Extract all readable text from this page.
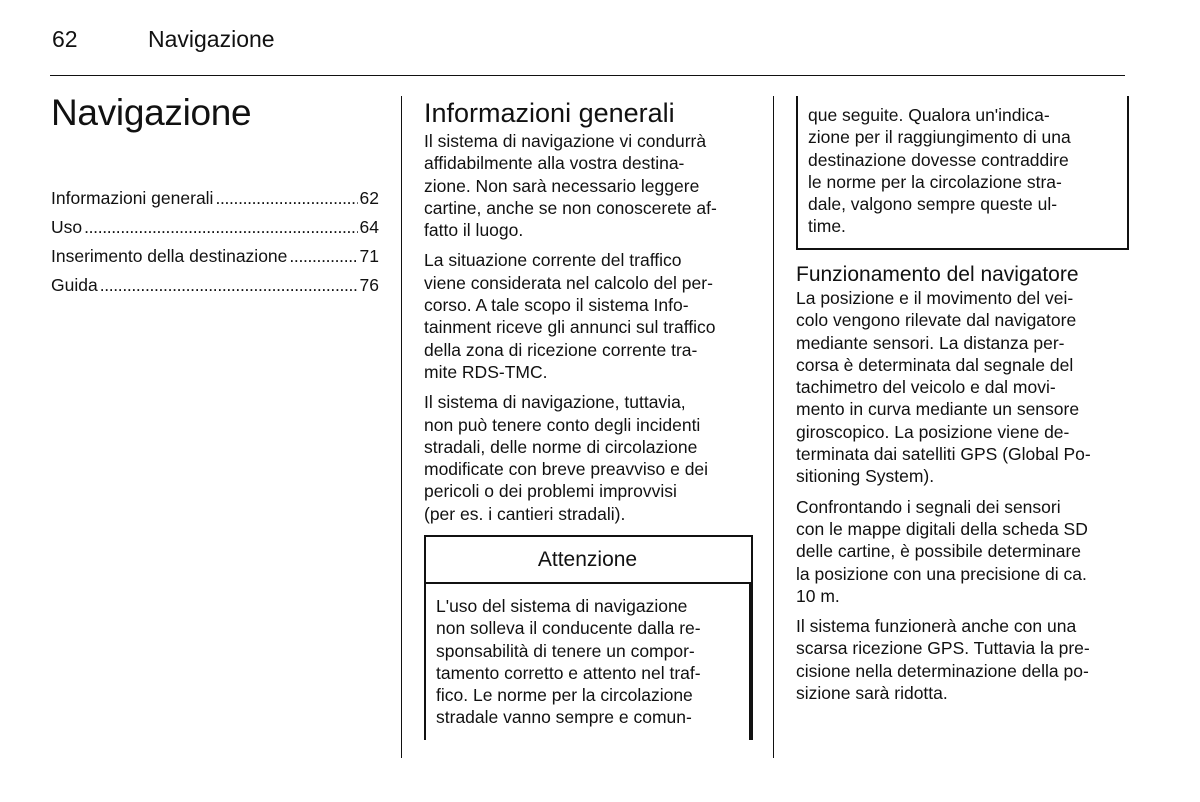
62	Navigazione
Navigazione
Informazioni generali . . .	62
Uso . . .	64
Inserimento della destinazione . . .	71
Guida . . .	76
Informazioni generali

Il sistema di navigazione vi condurrà
affidabilmente alla vostra destina-
zione. Non sarà necessario leggere
cartine, anche se non conoscerete af-
fatto il luogo.

La situazione corrente del traffico
viene considerata nel calcolo del per-
corso. A tale scopo il sistema Info-
tainment riceve gli annunci sul traffico
della zona di ricezione corrente tra-
mite RDS-TMC.

Il sistema di navigazione, tuttavia,
non può tenere conto degli incidenti
stradali, delle norme di circolazione
modificate con breve preavviso e dei
pericoli o dei problemi improvvisi
(per es. i cantieri stradali).

Attenzione
L'uso del sistema di navigazione
non solleva il conducente dalla re-
sponsabilità di tenere un compor-
tamento corretto e attento nel traf-
fico. Le norme per la circolazione
stradale vanno sempre e comun-
que seguite. Qualora un'indica-
zione per il raggiungimento di una
destinazione dovesse contraddire
le norme per la circolazione stra-
dale, valgono sempre queste ul-
time.
Funzionamento del navigatore

La posizione e il movimento del vei-
colo vengono rilevate dal navigatore
mediante sensori. La distanza per-
corsa è determinata dal segnale del
tachimetro del veicolo e dal movi-
mento in curva mediante un sensore
giroscopico. La posizione viene de-
terminata dai satelliti GPS (Global Po-
sitioning System).

Confrontando i segnali dei sensori
con le mappe digitali della scheda SD
delle cartine, è possibile determinare
la posizione con una precisione di ca.
10 m.

Il sistema funzionerà anche con una
scarsa ricezione GPS. Tuttavia la pre-
cisione nella determinazione della po-
sizione sarà ridotta.
